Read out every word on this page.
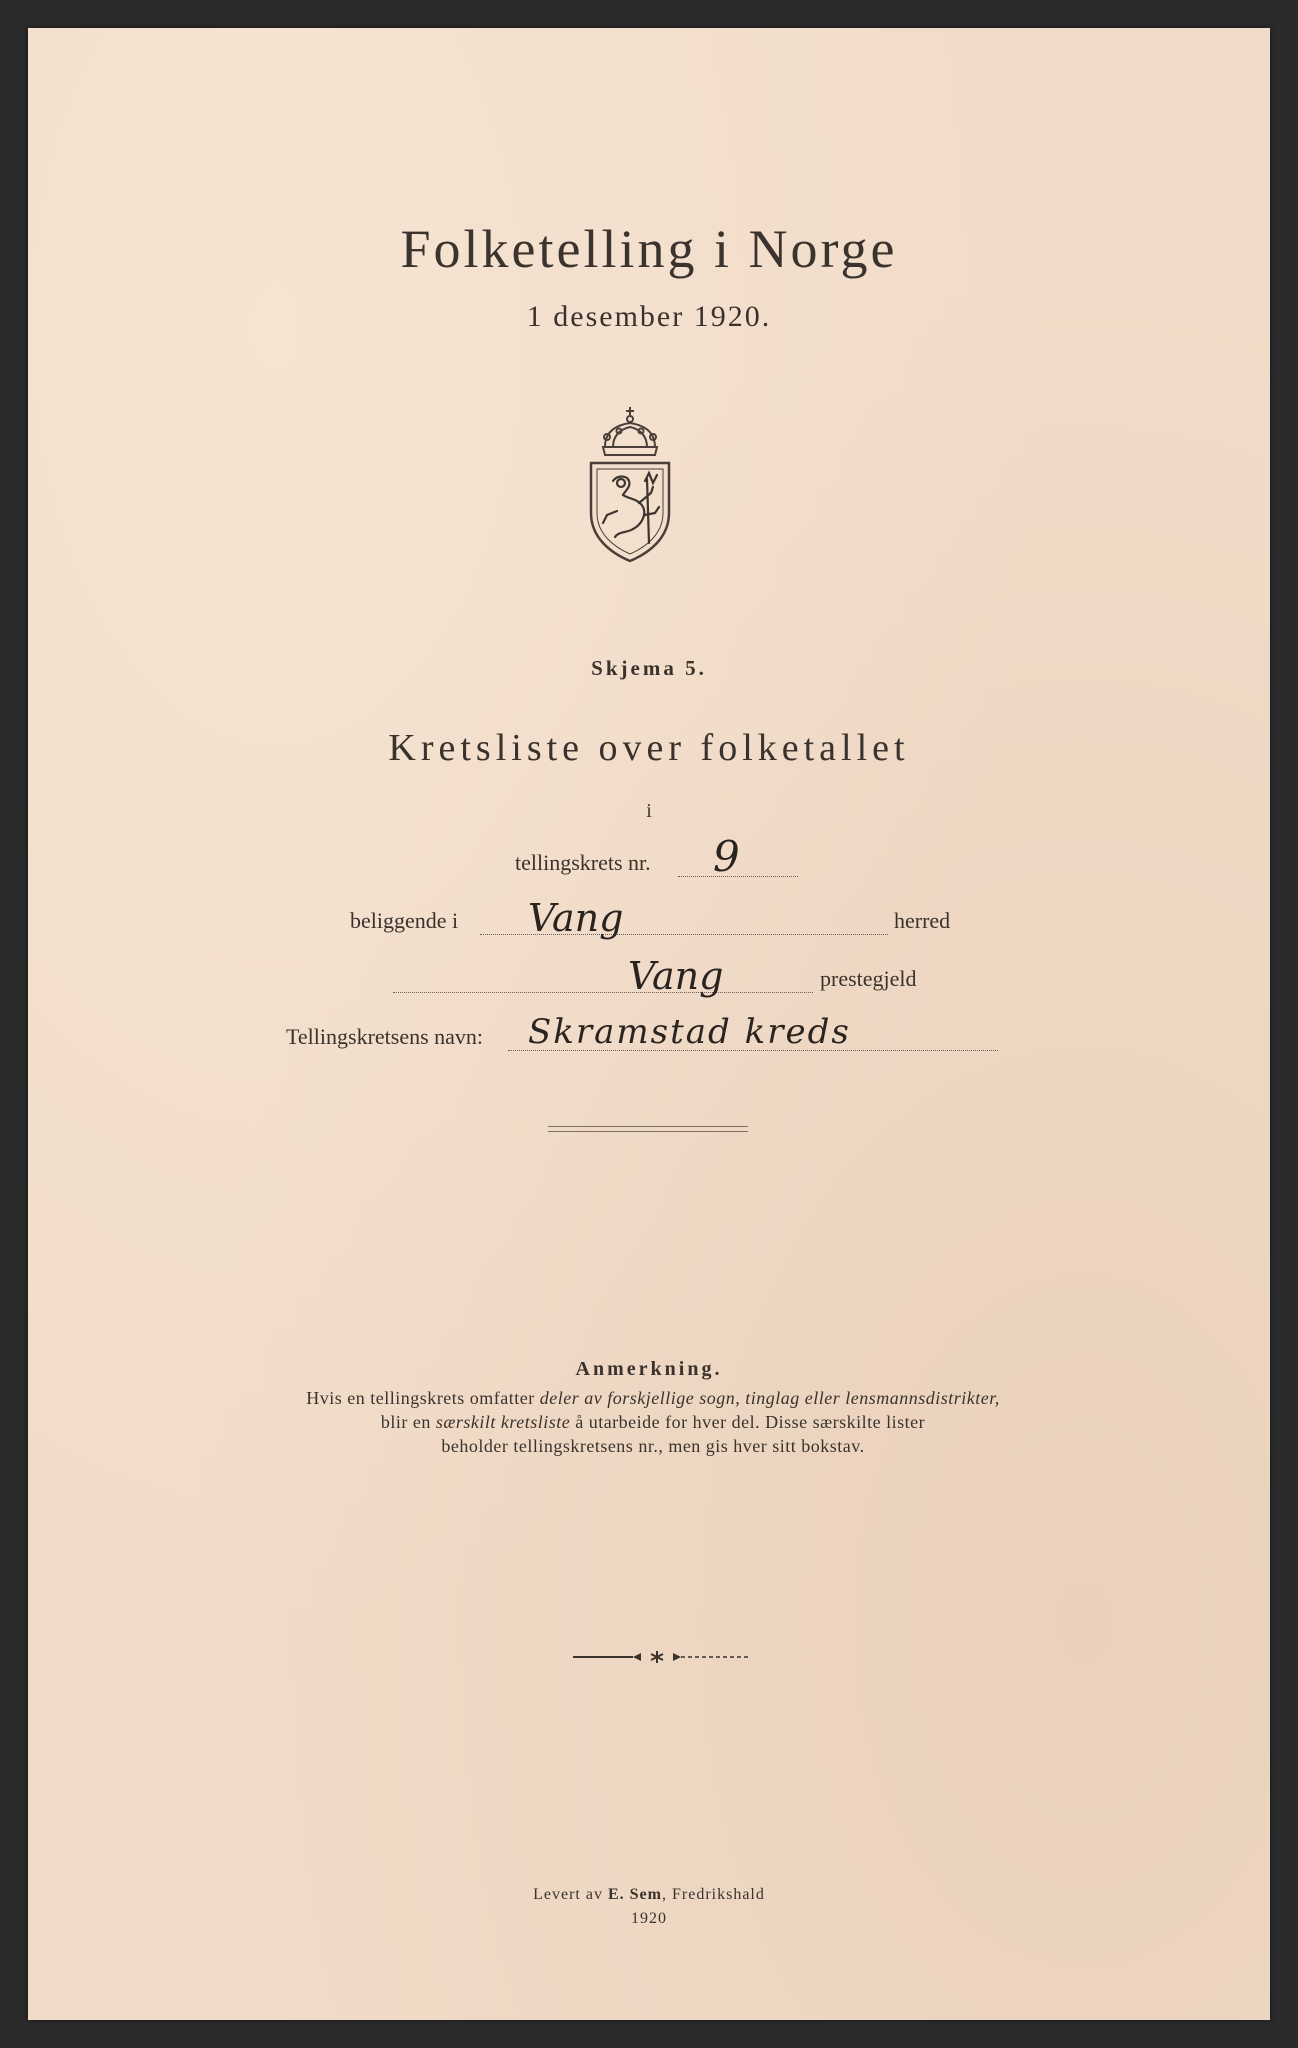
Folketelling i Norge
1 desember 1920.
Skjema 5.
Kretsliste over folketallet
i
tellingskrets nr. 9
beliggende i Vang	herred
Vang	prestegjeld
Tellingskretsens navn: Skramstad kreds
Anmerkning.
Hvis en tellingskrets omfatter deler av forskjellige sogn, tinglag eller lensmannsdistrikter,
blir en særskilt kretsliste å utarbeide for hver del. Disse særskilte lister
beholder tellingskretsens nr., men gis hver sitt bokstav.
Levert av E. Sem, Fredrikshald
1920
